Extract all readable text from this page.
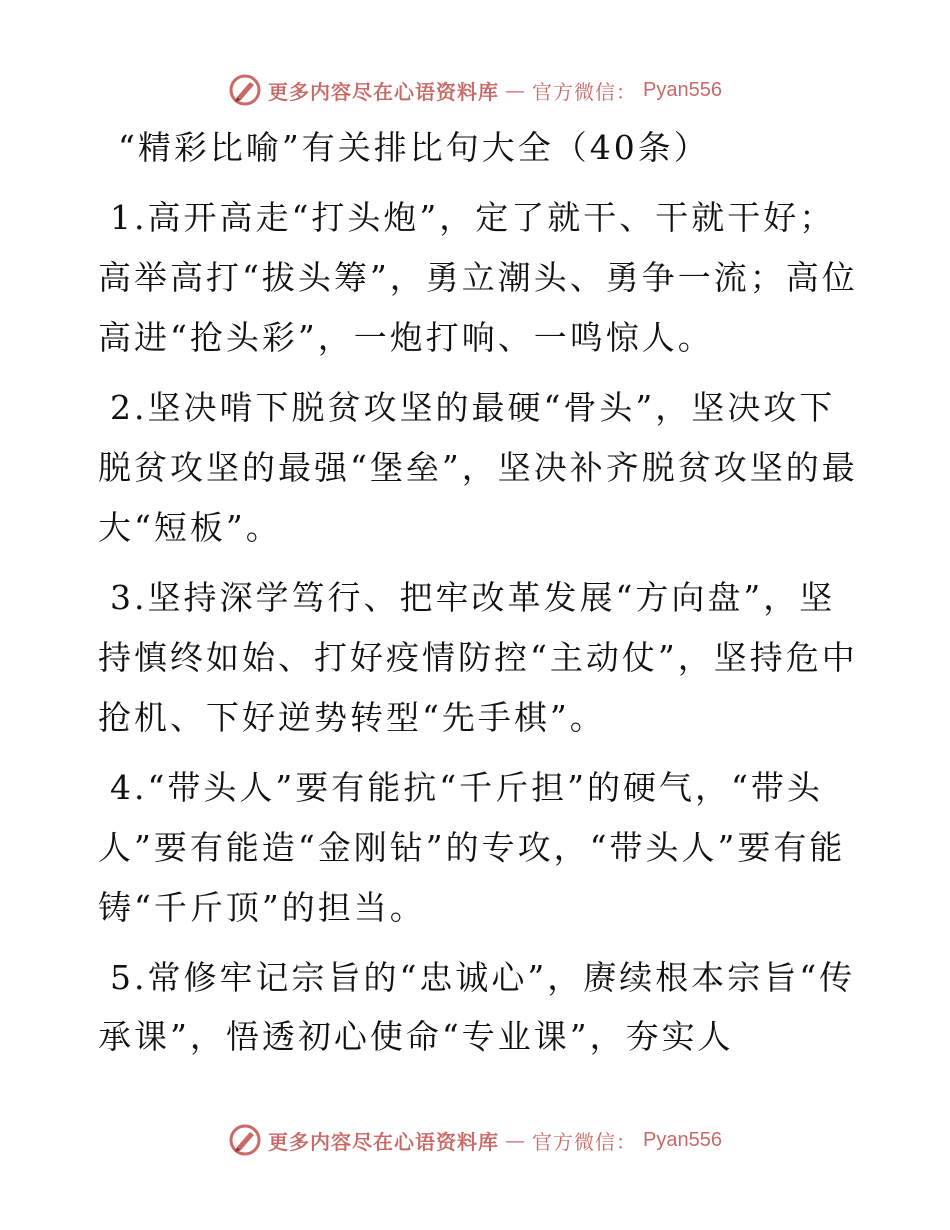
更多内容尽在心语资料库 — 官方微信： Pyan556
“精彩比喻”有关排比句大全（40条）

1.高开高走“打头炮”，定了就干、干就干好；高举高打“拔头筹”，勇立潮头、勇争一流；高位高进“抢头彩”，一炮打响、一鸣惊人。

2.坚决啃下脱贫攻坚的最硬“骨头”，坚决攻下脱贫攻坚的最强“堡垒”，坚决补齐脱贫攻坚的最大“短板”。

3.坚持深学笃行、把牢改革发展“方向盘”，坚持慎终如始、打好疫情防控“主动仗”，坚持危中抢机、下好逆势转型“先手棋”。

4.“带头人”要有能抗“千斤担”的硬气，“带头人”要有能造“金刚钻”的专攻，“带头人”要有能铸“千斤顶”的担当。

5.常修牢记宗旨的“忠诚心”，赓续根本宗旨“传承课”，悟透初心使命“专业课”，夯实人

更多内容尽在心语资料库 — 官方微信： Pyan556
